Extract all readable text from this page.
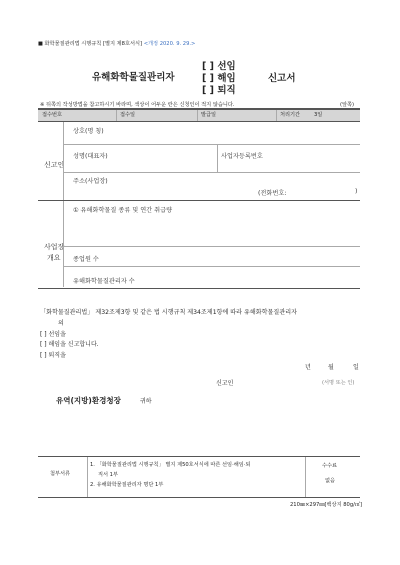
■ 화학물질관리법 시행규칙 [별지 제8호서식] <개정 2020. 9. 29.>
유해화학물질관리자
[ ] 선임
[ ] 해임
[ ] 퇴직
신고서
※ 뒤쪽의 작성방법을 참고하시기 바라며, 색상이 어두운 란은 신청인이 적지 않습니다.	(앞쪽)
접수번호	접수일	발급일	처리기간	3일
신고인
상호(명 칭)
성명(대표자)	사업자등록번호
주소(사업장)
(전화번호:	)
사업장
개요
① 유해화학물질 종류 및 연간 취급량
종업원 수
유해화학물질관리자 수
「화학물질관리법」 제32조제3항 및 같은 법 시행규칙 제34조제1항에 따라 유해화학물질관리자
의
[ ] 선임을
[ ] 해임을 신고합니다.
[ ] 퇴직을
년	월	일
신고인	(서명 또는 인)
유역(지방)환경청장	귀하
첨부서류
1. 「화학물질관리법 시행규칙」 별지 제50호서식에 따른 선임·해임·퇴
직서 1부
2. 유해화학물질관리자 명단 1부
수수료
없음
210㎜×297㎜[백상지 80g/㎡]
